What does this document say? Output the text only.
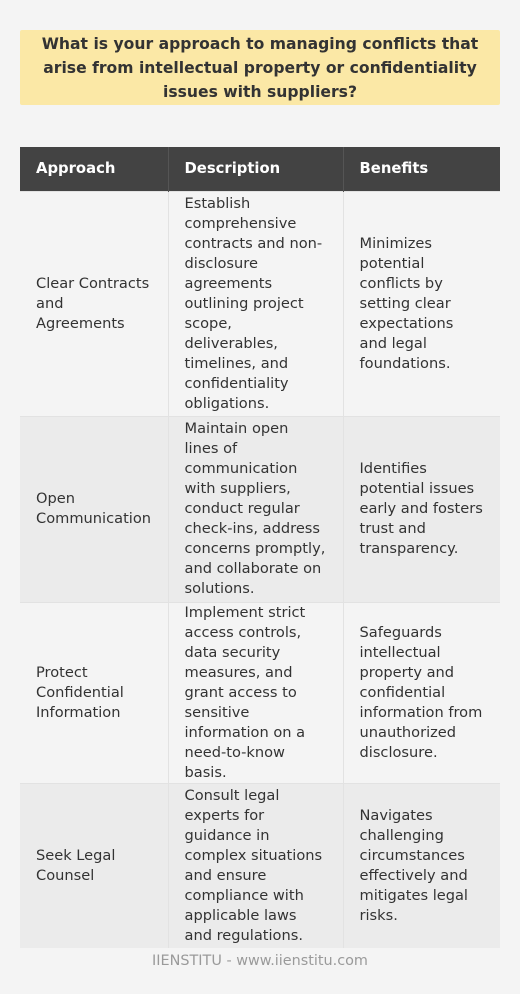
What is your approach to managing conflicts that arise from intellectual property or confidentiality issues with suppliers?
Approach	Description	Benefits
Clear Contracts and Agreements	Establish comprehensive contracts and non-disclosure agreements outlining project scope, deliverables, timelines, and confidentiality obligations.	Minimizes potential conflicts by setting clear expectations and legal foundations.
Open Communication	Maintain open lines of communication with suppliers, conduct regular check-ins, address concerns promptly, and collaborate on solutions.	Identifies potential issues early and fosters trust and transparency.
Protect Confidential Information	Implement strict access controls, data security measures, and grant access to sensitive information on a need-to-know basis.	Safeguards intellectual property and confidential information from unauthorized disclosure.
Seek Legal Counsel	Consult legal experts for guidance in complex situations and ensure compliance with applicable laws and regulations.	Navigates challenging circumstances effectively and mitigates legal risks.
IIENSTITU - www.iienstitu.com
